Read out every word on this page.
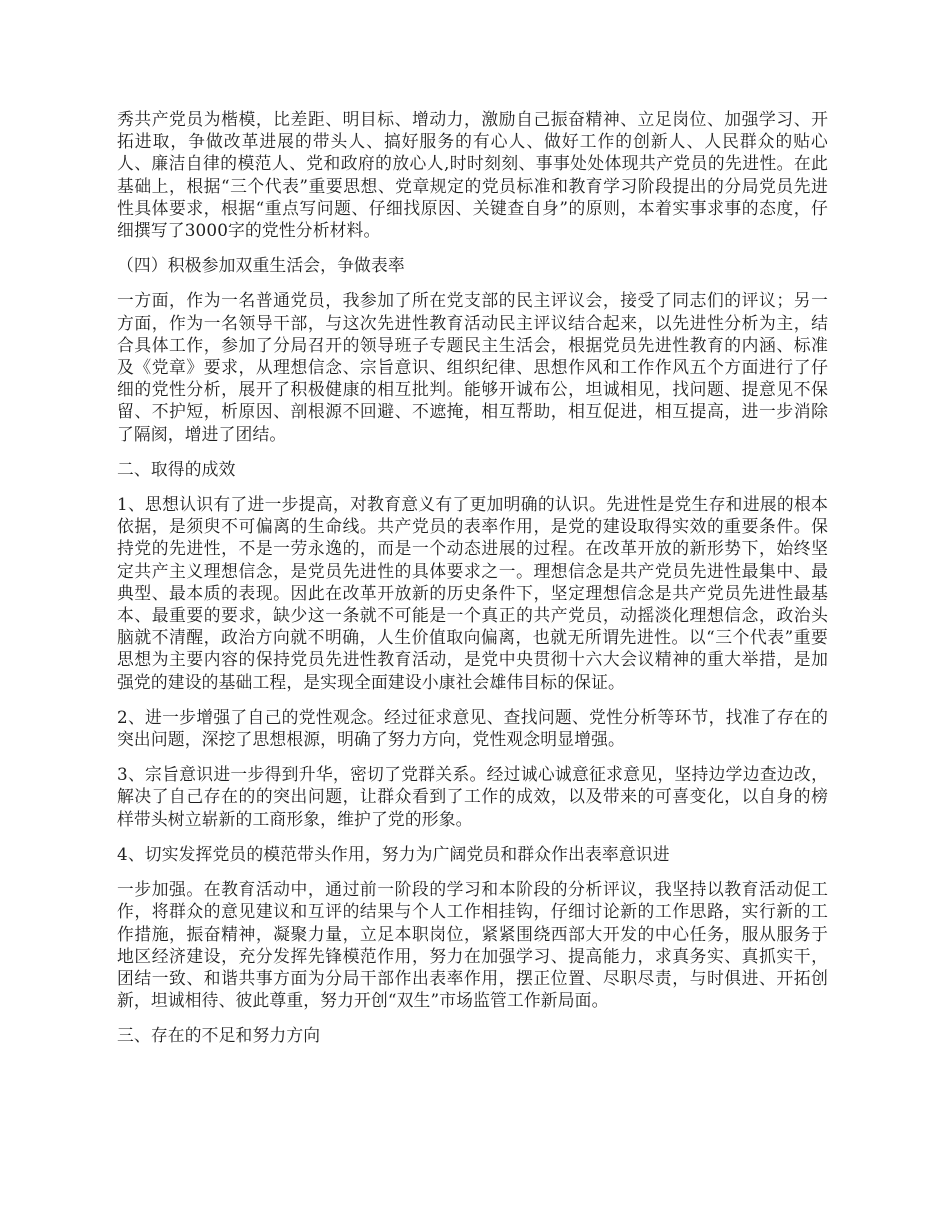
秀共产党员为楷模，比差距、明目标、增动力，激励自己振奋精神、立足岗位、加强学习、开拓进取，争做改革进展的带头人、搞好服务的有心人、做好工作的创新人、人民群众的贴心人、廉洁自律的模范人、党和政府的放心人,时时刻刻、事事处处体现共产党员的先进性。在此基础上，根据“三个代表”重要思想、党章规定的党员标准和教育学习阶段提出的分局党员先进性具体要求，根据“重点写问题、仔细找原因、关键查自身”的原则，本着实事求事的态度，仔细撰写了3000字的党性分析材料。

（四）积极参加双重生活会，争做表率

一方面，作为一名普通党员，我参加了所在党支部的民主评议会，接受了同志们的评议；另一方面，作为一名领导干部，与这次先进性教育活动民主评议结合起来，以先进性分析为主，结合具体工作，参加了分局召开的领导班子专题民主生活会，根据党员先进性教育的内涵、标准及《党章》要求，从理想信念、宗旨意识、组织纪律、思想作风和工作作风五个方面进行了仔细的党性分析，展开了积极健康的相互批判。能够开诚布公，坦诚相见，找问题、提意见不保留、不护短，析原因、剖根源不回避、不遮掩，相互帮助，相互促进，相互提高，进一步消除了隔阂，增进了团结。

二、取得的成效

1、思想认识有了进一步提高，对教育意义有了更加明确的认识。先进性是党生存和进展的根本依据，是须臾不可偏离的生命线。共产党员的表率作用，是党的建设取得实效的重要条件。保持党的先进性，不是一劳永逸的，而是一个动态进展的过程。在改革开放的新形势下，始终坚定共产主义理想信念，是党员先进性的具体要求之一。理想信念是共产党员先进性最集中、最典型、最本质的表现。因此在改革开放新的历史条件下，坚定理想信念是共产党员先进性最基本、最重要的要求，缺少这一条就不可能是一个真正的共产党员，动摇淡化理想信念，政治头脑就不清醒，政治方向就不明确，人生价值取向偏离，也就无所谓先进性。以“三个代表”重要思想为主要内容的保持党员先进性教育活动，是党中央贯彻十六大会议精神的重大举措，是加强党的建设的基础工程，是实现全面建设小康社会雄伟目标的保证。

2、进一步增强了自己的党性观念。经过征求意见、查找问题、党性分析等环节，找准了存在的突出问题，深挖了思想根源，明确了努力方向，党性观念明显增强。

3、宗旨意识进一步得到升华，密切了党群关系。经过诚心诚意征求意见，坚持边学边查边改，解决了自己存在的的突出问题，让群众看到了工作的成效，以及带来的可喜变化，以自身的榜样带头树立崭新的工商形象，维护了党的形象。

4、切实发挥党员的模范带头作用，努力为广阔党员和群众作出表率意识进

一步加强。在教育活动中，通过前一阶段的学习和本阶段的分析评议，我坚持以教育活动促工作，将群众的意见建议和互评的结果与个人工作相挂钩，仔细讨论新的工作思路，实行新的工作措施，振奋精神，凝聚力量，立足本职岗位，紧紧围绕西部大开发的中心任务，服从服务于地区经济建设，充分发挥先锋模范作用，努力在加强学习、提高能力，求真务实、真抓实干，团结一致、和谐共事方面为分局干部作出表率作用，摆正位置、尽职尽责，与时俱进、开拓创新，坦诚相待、彼此尊重，努力开创“双生”市场监管工作新局面。

三、存在的不足和努力方向
